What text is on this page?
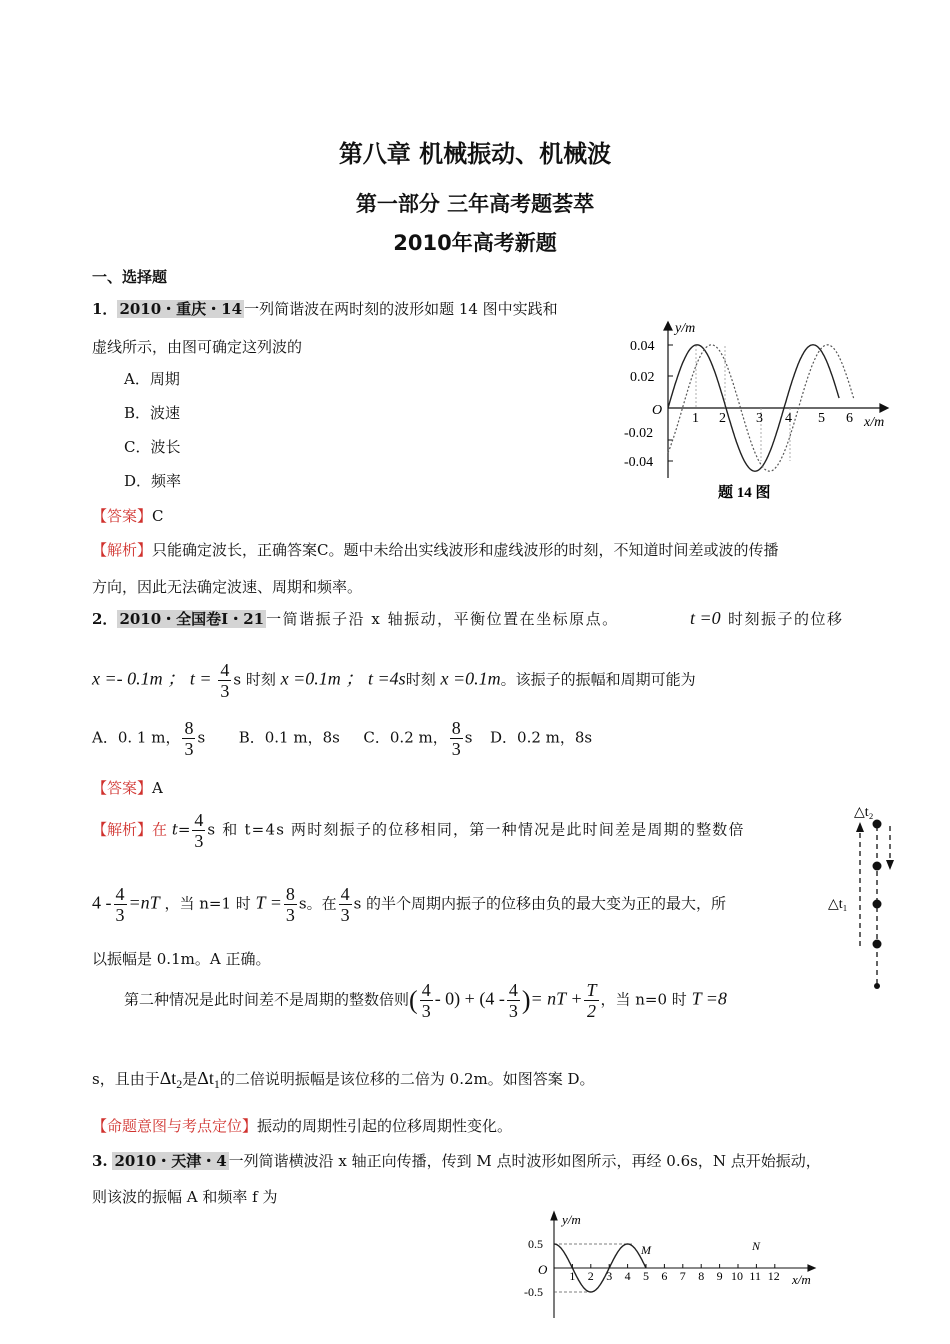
第八章 机械振动、机械波
第一部分 三年高考题荟萃
2010年高考新题
一、选择题
1． 2010・重庆・14 一列简谐波在两时刻的波形如题 14 图中实践和
虚线所示，由图可确定这列波的
A．周期
B．波速
C．波长
D．频率
【答案】C
【解析】只能确定波长，正确答案C。题中未给出实线波形和虚线波形的时刻，不知道时间差或波的传播
方向，因此无法确定波速、周期和频率。
y/m
x/m
O
0.04
0.02
-0.02
-0.04
1 2 3 4 5 6
题 14 图
2． 2010・全国卷Ⅰ・21 一简谐振子沿 x 轴振动，平衡位置在坐标原点。	t =0 时刻振子的位移
x =- 0.1m ； $t = \frac{4}{3}$ s 时刻 x =0.1m ； t =4s时刻 x =0.1m。该振子的振幅和周期可能为
A．0. 1 m， $\frac{8}{3}$ s B．0.1 m，8s C．0.2 m， $\frac{8}{3}$ s D．0.2 m，8s
【答案】A
【解析】在 $t= \frac{4}{3}$ s 和 t=4s 两时刻振子的位移相同，第一种情况是此时间差是周期的整数倍
$4 - \frac{4}{3} =nT$ ，当 n=1 时 $T = \frac{8}{3}$ s。在 $\frac{4}{3}$ s 的半个周期内振子的位移由负的最大变为正的最大，所
以振幅是 0.1m。A 正确。
第二种情况是此时间差不是周期的整数倍则( $\frac{4}{3} - 0) + (4 - \frac{4}{3}$ )= nT + $\frac{T}{2}$ ，当 n=0 时 T =8
s，且由于$\Delta t_2$是$\Delta t_1$的二倍说明振幅是该位移的二倍为 0.2m。如图答案 D。
【命题意图与考点定位】振动的周期性引起的位移周期性变化。
△t₂
△t₁
3. 2010・天津・4 一列简谐横波沿 x 轴正向传播，传到 M 点时波形如图所示，再经 0.6s，N 点开始振动，
则该波的振幅 A 和频率 f 为
y/m
x/m
O
0.5
-0.5
M	N
1 2 3 4 5 6 7 8 9 10 11 12
